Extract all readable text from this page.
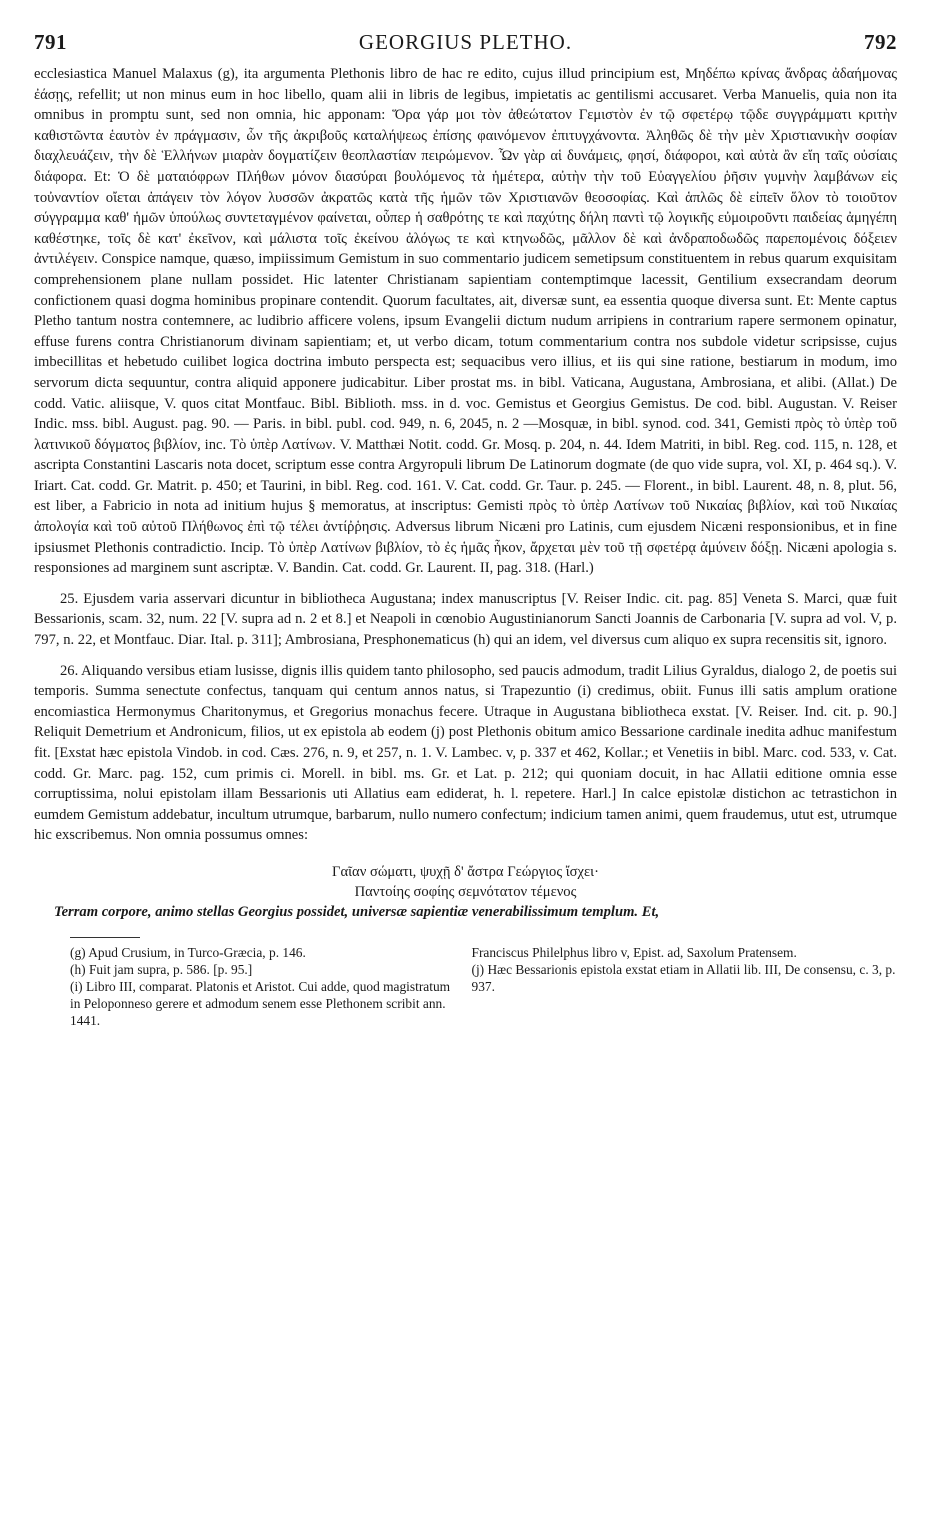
791	GEORGIUS PLETHO.	792

ecclesiastica Manuel Malaxus (g), ita argumenta Plethonis libro de hac re edito, cujus illud principium est, Μηδέπω κρίνας ἄνδρας ἀδαήμονας ἐάσῃς, refellit; ut non minus eum in hoc libello, quam alii in libris de legibus, impietatis ac gentilismi accusaret. Verba Manuelis, quia non ita omnibus in promptu sunt, sed non omnia, hic apponam: Ὅρα γάρ μοι τὸν ἀθεώτατον Γεμιστὸν ἐν τῷ σφετέρῳ τῷδε συγγράμματι κριτὴν καθιστῶντα ἑαυτὸν ἐν πράγμασιν, ὧν τῆς ἀκριβοῦς καταλήψεως ἐπίσης φαινόμενον ἐπιτυγχάνοντα. Ἀληθῶς δὲ τὴν μὲν Χριστιανικὴν σοφίαν διαχλευάζειν, τὴν δὲ Ἑλλήνων μιαρὰν δογματίζειν θεοπλαστίαν πειρώμενον. Ὧν γὰρ αἱ δυνάμεις, φησί, διάφοροι, καὶ αὐτὰ ἂν εἴη ταῖς οὐσίαις διάφορα. Et: Ὁ δὲ ματαιόφρων Πλήθων μόνον διασύραι βουλόμενος τὰ ἡμέτερα, αὐτὴν τὴν τοῦ Εὐαγγελίου ῥῆσιν γυμνὴν λαμβάνων εἰς τοὐναντίον οἴεται ἀπάγειν τὸν λόγον λυσσῶν ἀκρατῶς κατὰ τῆς ἡμῶν τῶν Χριστιανῶν θεοσοφίας. Καὶ ἁπλῶς δὲ εἰπεῖν ὅλον τὸ τοιοῦτον σύγγραμμα καθ' ἡμῶν ὑπούλως συντεταγμένον φαίνεται, οὗπερ ἡ σαθρότης τε καὶ παχύτης δήλη παντὶ τῷ λογικῆς εὐμοιροῦντι παιδείας ἀμηγέπη καθέστηκε, τοῖς δὲ κατ' ἐκεῖνον, καὶ μάλιστα τοῖς ἐκείνου ἀλόγως τε καὶ κτηνωδῶς, μᾶλλον δὲ καὶ ἀνδραποδωδῶς παρεπομένοις δόξειεν ἀντιλέγειν. Conspice namque, quæso, impiissimum Gemistum in suo commentario judicem semetipsum constituentem in rebus quarum exquisitam comprehensionem plane nullam possidet. Hic latenter Christianam sapientiam contemptimque lacessit, Gentilium exsecrandam deorum confictionem quasi dogma hominibus propinare contendit. Quorum facultates, ait, diversæ sunt, ea essentia quoque diversa sunt. Et: Mente captus Pletho tantum nostra contemnere, ac ludibrio afficere volens, ipsum Evangelii dictum nudum arripiens in contrarium rapere sermonem opinatur, effuse furens contra Christianorum divinam sapientiam; et, ut verbo dicam, totum commentarium contra nos subdole videtur scripsisse, cujus imbecillitas et hebetudo cuilibet logica doctrina imbuto perspecta est; sequacibus vero illius, et iis qui sine ratione, bestiarum in modum, imo servorum dicta sequuntur, contra aliquid apponere judicabitur. Liber prostat ms. in bibl. Vaticana, Augustana, Ambrosiana, et alibi. (Allat.) De codd. Vatic. aliisque, V. quos citat Montfauc. Bibl. Biblioth. mss. in d. voc. Gemistus et Georgius Gemistus. De cod. bibl. Augustan. V. Reiser Indic. mss. bibl. August. pag. 90. — Paris. in bibl. publ. cod. 949, n. 6, 2045, n. 2 —Mosquæ, in bibl. synod. cod. 341, Gemisti πρὸς τὸ ὑπὲρ τοῦ λατινικοῦ δόγματος βιβλίον, inc. Τὸ ὑπὲρ Λατίνων. V. Matthæi Notit. codd. Gr. Mosq. p. 204, n. 44. Idem Matriti, in bibl. Reg. cod. 115, n. 128, et ascripta Constantini Lascaris nota docet, scriptum esse contra Argyropuli librum De Latinorum dogmate (de quo vide supra, vol. XI, p. 464 sq.). V. Iriart. Cat. codd. Gr. Matrit. p. 450; et Taurini, in bibl. Reg. cod. 161. V. Cat. codd. Gr. Taur. p. 245. — Florent., in bibl. Laurent. 48, n. 8, plut. 56, est liber, a Fabricio in nota ad initium hujus § memoratus, at inscriptus: Gemisti πρὸς τὸ ὑπὲρ Λατίνων τοῦ Νικαίας βιβλίον, καὶ τοῦ Νικαίας ἀπολογία καὶ τοῦ αὐτοῦ Πλήθωνος ἐπὶ τῷ τέλει ἀντίῤῥησις. Adversus librum Nicæni pro Latinis, cum ejusdem Nicæni responsionibus, et in fine ipsiusmet Plethonis contradictio. Incip. Τὸ ὑπὲρ Λατίνων βιβλίον, τὸ ἐς ἡμᾶς ἧκον, ἄρχεται μὲν τοῦ τῇ σφετέρᾳ ἀμύνειν δόξῃ. Nicæni apologia s. responsiones ad marginem sunt ascriptæ. V. Bandin. Cat. codd. Gr. Laurent. II, pag. 318. (Harl.)

25. Ejusdem varia asservari dicuntur in bibliotheca Augustana; index manuscriptus [V. Reiser Indic. cit. pag. 85] Veneta S. Marci, quæ fuit Bessarionis, scam. 32, num. 22 [V. supra ad n. 2 et 8.] et Neapoli in cœnobio Augustinianorum Sancti Joannis de Carbonaria [V. supra ad vol. V, p. 797, n. 22, et Montfauc. Diar. Ital. p. 311]; Ambrosiana, Presphonematicus (h) qui an idem, vel diversus cum aliquo ex supra recensitis sit, ignoro.

26. Aliquando versibus etiam lusisse, dignis illis quidem tanto philosopho, sed paucis admodum, tradit Lilius Gyraldus, dialogo 2, de poetis sui temporis. Summa senectute confectus, tanquam qui centum annos natus, si Trapezuntio (i) credimus, obiit. Funus illi satis amplum oratione encomiastica Hermonymus Charitonymus, et Gregorius monachus fecere. Utraque in Augustana bibliotheca exstat. [V. Reiser. Ind. cit. p. 90.] Reliquit Demetrium et Andronicum, filios, ut ex epistola ab eodem (j) post Plethonis obitum amico Bessarione cardinale inedita adhuc manifestum fit. [Exstat hæc epistola Vindob. in cod. Cæs. 276, n. 9, et 257, n. 1. V. Lambec. v, p. 337 et 462, Kollar.; et Venetiis in bibl. Marc. cod. 533, v. Cat. codd. Gr. Marc. pag. 152, cum primis ci. Morell. in bibl. ms. Gr. et Lat. p. 212; qui quoniam docuit, in hac Allatii editione omnia esse corruptissima, nolui epistolam illam Bessarionis uti Allatius eam ediderat, h. l. repetere. Harl.] In calce epistolæ distichon ac tetrastichon in eumdem Gemistum addebatur, incultum utrumque, barbarum, nullo numero confectum; indicium tamen animi, quem fraudemus, utut est, utrumque hic exscribemus. Non omnia possumus omnes:

Γαῖαν σώματι, ψυχῇ δ' ἄστρα Γεώργιος ἴσχει·
Παντοίης σοφίης σεμνότατον τέμενος

Terram corpore, animo stellas Georgius possidet, universæ sapientiæ venerabilissimum templum. Et,

(g) Apud Crusium, in Turco-Græcia, p. 146.

(h) Fuit jam supra, p. 586. [p. 95.]

(i) Libro III, comparat. Platonis et Aristot. Cui adde, quod magistratum in Peloponneso gerere et admodum senem esse Plethonem scribit ann. 1441.

Franciscus Philelphus libro v, Epist. ad, Saxolum Pratensem.

(j) Hæc Bessarionis epistola exstat etiam in Allatii lib. III, De consensu, c. 3, p. 937.
